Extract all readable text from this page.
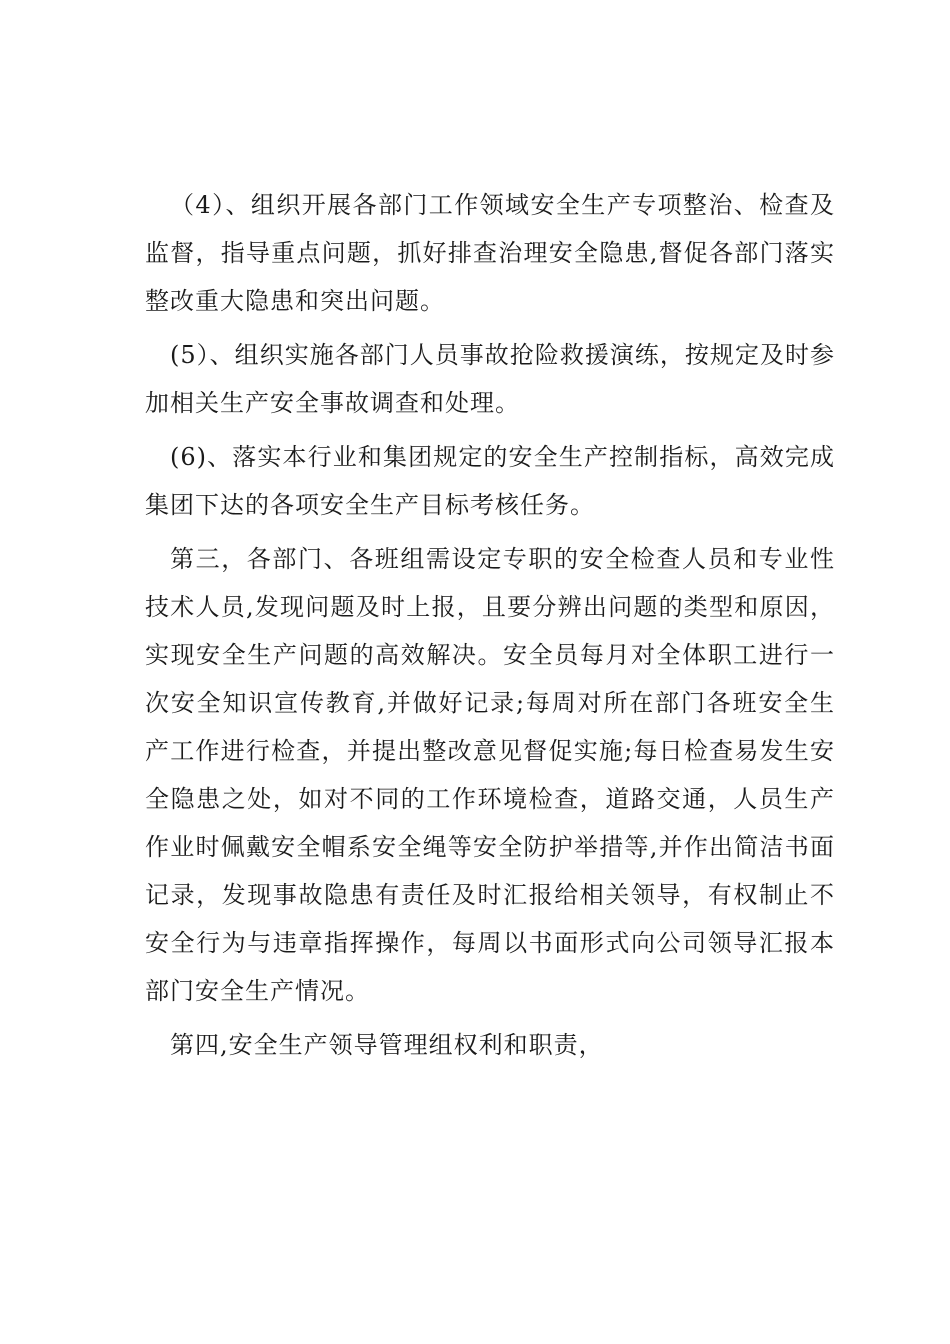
（4）、组织开展各部门工作领域安全生产专项整治、检查及监督，指导重点问题，抓好排查治理安全隐患,督促各部门落实整改重大隐患和突出问题。

(5）、组织实施各部门人员事故抢险救援演练，按规定及时参加相关生产安全事故调查和处理。

(6)、落实本行业和集团规定的安全生产控制指标，高效完成集团下达的各项安全生产目标考核任务。

第三，各部门、各班组需设定专职的安全检查人员和专业性技术人员,发现问题及时上报，且要分辨出问题的类型和原因，实现安全生产问题的高效解决。安全员每月对全体职工进行一次安全知识宣传教育,并做好记录;每周对所在部门各班安全生产工作进行检查，并提出整改意见督促实施;每日检查易发生安全隐患之处，如对不同的工作环境检查，道路交通，人员生产作业时佩戴安全帽系安全绳等安全防护举措等,并作出简洁书面记录，发现事故隐患有责任及时汇报给相关领导，有权制止不安全行为与违章指挥操作，每周以书面形式向公司领导汇报本部门安全生产情况。

第四,安全生产领导管理组权利和职责，
